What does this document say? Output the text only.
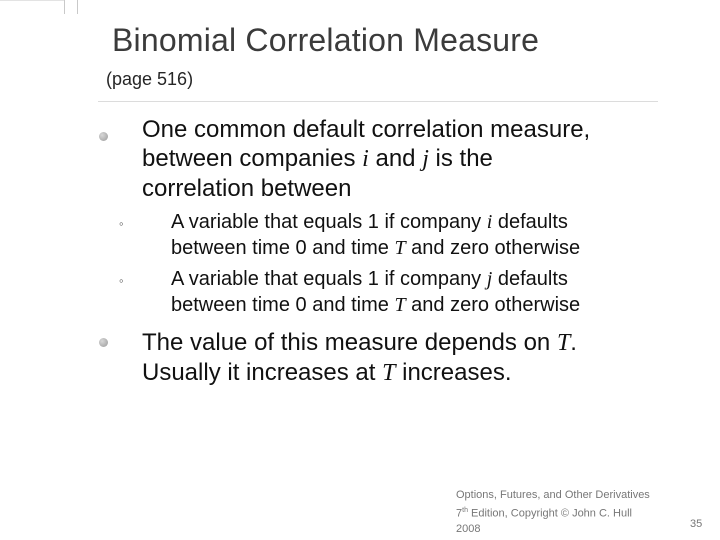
Binomial Correlation Measure
(page 516)
One common default correlation measure,
between companies i and j is the
correlation between
◦ A variable that equals 1 if company i defaults
between time 0 and time T and zero otherwise
◦ A variable that equals 1 if company j defaults
between time 0 and time T and zero otherwise
The value of this measure depends on T.
Usually it increases at T increases.
Options, Futures, and Other Derivatives
7th Edition, Copyright © John C. Hull
2008	35
